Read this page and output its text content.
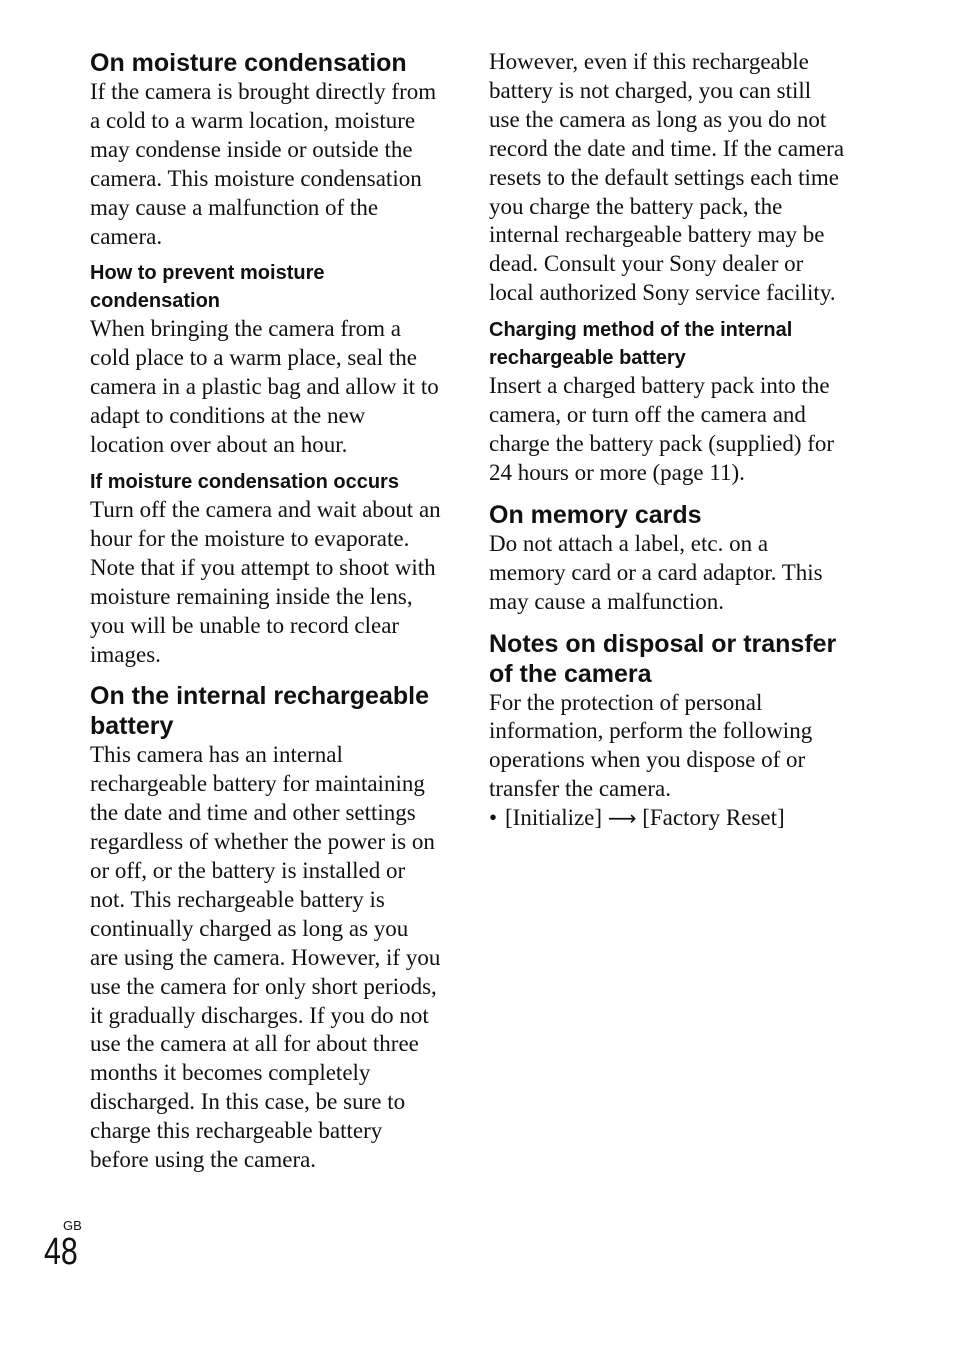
On moisture condensation

If the camera is brought directly from a cold to a warm location, moisture may condense inside or outside the camera. This moisture condensation may cause a malfunction of the camera.

How to prevent moisture condensation

When bringing the camera from a cold place to a warm place, seal the camera in a plastic bag and allow it to adapt to conditions at the new location over about an hour.

If moisture condensation occurs

Turn off the camera and wait about an hour for the moisture to evaporate. Note that if you attempt to shoot with moisture remaining inside the lens, you will be unable to record clear images.

On the internal rechargeable battery

This camera has an internal rechargeable battery for maintaining the date and time and other settings regardless of whether the power is on or off, or the battery is installed or not. This rechargeable battery is continually charged as long as you are using the camera. However, if you use the camera for only short periods, it gradually discharges. If you do not use the camera at all for about three months it becomes completely discharged. In this case, be sure to charge this rechargeable battery before using the camera.

However, even if this rechargeable battery is not charged, you can still use the camera as long as you do not record the date and time. If the camera resets to the default settings each time you charge the battery pack, the internal rechargeable battery may be dead. Consult your Sony dealer or local authorized Sony service facility.

Charging method of the internal rechargeable battery

Insert a charged battery pack into the camera, or turn off the camera and charge the battery pack (supplied) for 24 hours or more (page 11).

On memory cards

Do not attach a label, etc. on a memory card or a card adaptor. This may cause a malfunction.

Notes on disposal or transfer of the camera

For the protection of personal information, perform the following operations when you dispose of or transfer the camera.

• [Initialize] ⟶ [Factory Reset]

GB
48
